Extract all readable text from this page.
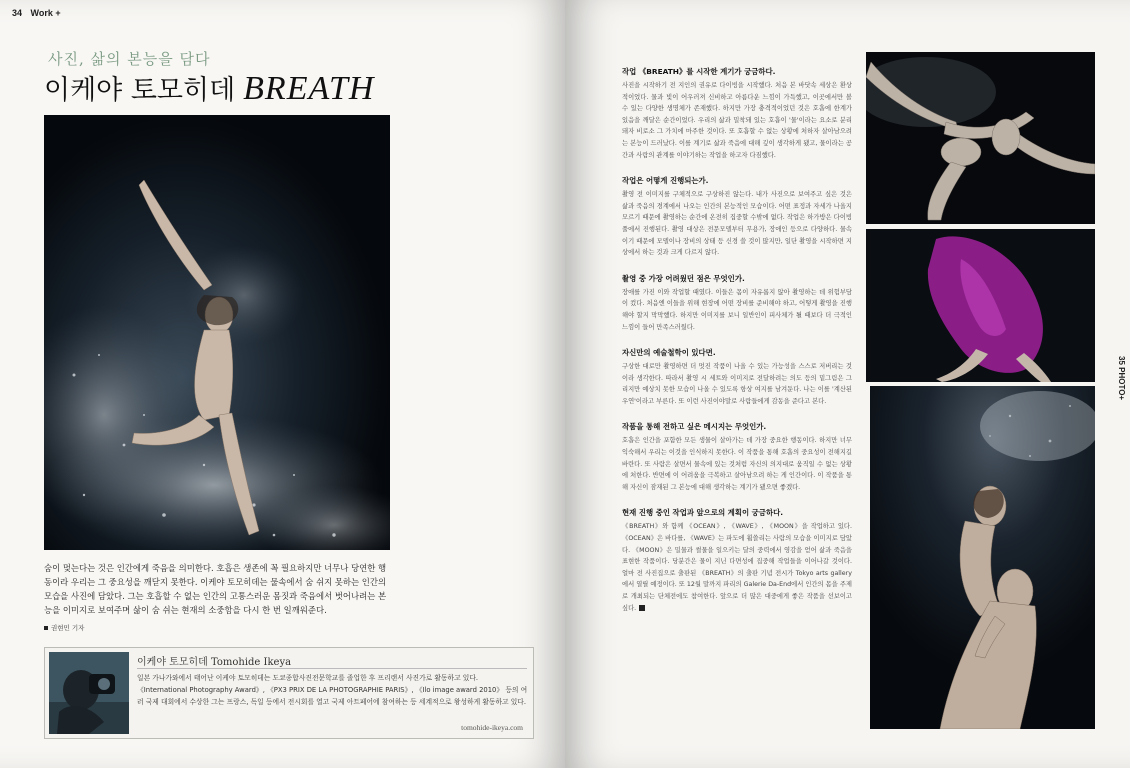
34 Work +
사진, 삶의 본능을 담다
이케야 토모히데 BREATH

숨이 멎는다는 것은 인간에게 죽음을 의미한다. 호흡은 생존에 꼭 필요하지만 너무나 당연한 행동이라 우리는 그 중요성을 깨닫지 못한다. 이케야 토모히데는 물속에서 숨 쉬지 못하는 인간의 모습을 사진에 담았다. 그는 호흡할 수 없는 인간의 고통스러운 몸짓과 죽음에서 벗어나려는 본능을 이미지로 보여주며 삶이 숨 쉬는 현재의 소중함을 다시 한 번 일깨워준다.

권현민 기자
이케야 토모히데 Tomohide Ikeya

일본 가나가와에서 태어난 이케야 토모히데는 도쿄종합사진전문학교를 졸업한 후 프리랜서 사진가로 활동하고 있다. 《International Photography Award》, 《PX3 PRIX DE LA PHOTOGRAPHIE PARIS》, 《Ilo image award 2010》 등의 여러 국제 대회에서 수상한 그는 프랑스, 독일 등에서 전시회를 열고 국제 아트페어에 참여하는 등 세계적으로 왕성하게 활동하고 있다.

tomohide-ikeya.com
작업 《BREATH》를 시작한 계기가 궁금하다.

사진을 시작하기 전 지인의 권유로 다이빙을 시작했다. 처음 본 바닷속 세상은 환상적이었다. 물과 빛이 어우러져 신비하고 아름다운 느낌이 가득했고, 이곳에서만 볼 수 있는 다양한 생명체가 존재했다. 하지만 가장 충격적이었던 것은 호흡에 한계가 있음을 깨달은 순간이었다. 우리의 삶과 밀착돼 있는 호흡이 '물'이라는 요소로 분리돼자 비로소 그 가치에 마주한 것이다. 또 호흡할 수 없는 상황에 처하자 살아남으려는 본능이 드러났다. 이를 계기로 삶과 죽음에 대해 깊이 생각하게 됐고, 물이라는 공간과 사람의 관계를 이야기하는 작업을 하고자 다짐했다.

작업은 어떻게 진행되는가.

촬영 전 이미지를 구체적으로 구상하진 않는다. 내가 사진으로 보여주고 싶은 것은 삶과 죽음의 경계에서 나오는 인간의 본능적인 모습이다. 어떤 표정과 자세가 나올지 모르기 때문에 촬영하는 순간에 온전히 집중할 수밖에 없다. 작업은 하가방은 다이빙 풀에서 진행된다. 촬영 대상은 전문모델부터 무용가, 장애인 등으로 다양하다. 물속이기 때문에 모델이나 장비의 상태 등 신경 쓸 것이 많지만, 일단 촬영을 시작하면 지상에서 하는 것과 크게 다르지 않다.

촬영 중 가장 어려웠던 점은 무엇인가.

장애를 가진 이와 작업할 때였다. 이들은 몸이 자유롭지 않아 촬영하는 데 위험부담이 컸다. 처음엔 이들을 위해 현장에 어떤 장비를 준비해야 하고, 어떻게 촬영을 진행해야 할지 막막했다. 하지만 이미지를 보니 일반인이 피사체가 될 때보다 더 극적인 느낌이 들어 만족스러웠다.

자신만의 예술철학이 있다면.

구상한 대로만 촬영하면 더 멋진 작품이 나올 수 있는 가능성을 스스로 저버리는 것이라 생각한다. 따라서 촬영 시 세트와 이미지로 전달하려는 의도 등의 밑그림은 그리지만 예상치 못한 모습이 나올 수 있도록 항상 여지를 남겨둔다. 나는 이를 '계산된 우연'이라고 부른다. 또 이런 사진이야말로 사람들에게 감동을 준다고 본다.

작품을 통해 전하고 싶은 메시지는 무엇인가.

호흡은 인간을 포함한 모든 생물이 살아가는 데 가장 중요한 행동이다. 하지만 너무 익숙해서 우리는 이것을 인식하지 못한다. 이 작품을 통해 호흡의 중요성이 전해지길 바란다. 또 사람은 살면서 물속에 있는 것처럼 자신의 의지대로 움직일 수 없는 상황에 처한다. 반면에 이 어려움을 극복하고 살아남으려 하는 게 인간이다. 이 작품을 통해 자신이 잠재된 그 본능에 대해 생각하는 계기가 됐으면 좋겠다.

현재 진행 중인 작업과 앞으로의 계획이 궁금하다.

《BREATH》와 함께 《OCEAN》, 《WAVE》, 《MOON》을 작업하고 있다. 《OCEAN》은 바다를, 《WAVE》는 파도에 휩쓸리는 사람의 모습을 이미지로 담았다. 《MOON》은 밀물과 썰물을 일으키는 달의 중력에서 영감을 얻어 삶과 죽음을 표현한 작품이다. 당분간은 물이 지닌 다면성에 집중해 작업들을 이어나갈 것이다. 얼마 전 사진집으로 출판된 《BREATH》의 출판 기념 전시가 Tokyo arts gallery에서 열릴 예정이다. 또 12월 말까지 파리의 Galerie Da-End에서 인간의 몸을 주제로 개최되는 단체전에도 참여한다. 앞으로 더 많은 대중에게 좋은 작품을 선보이고 싶다.

35 PHOTO+
